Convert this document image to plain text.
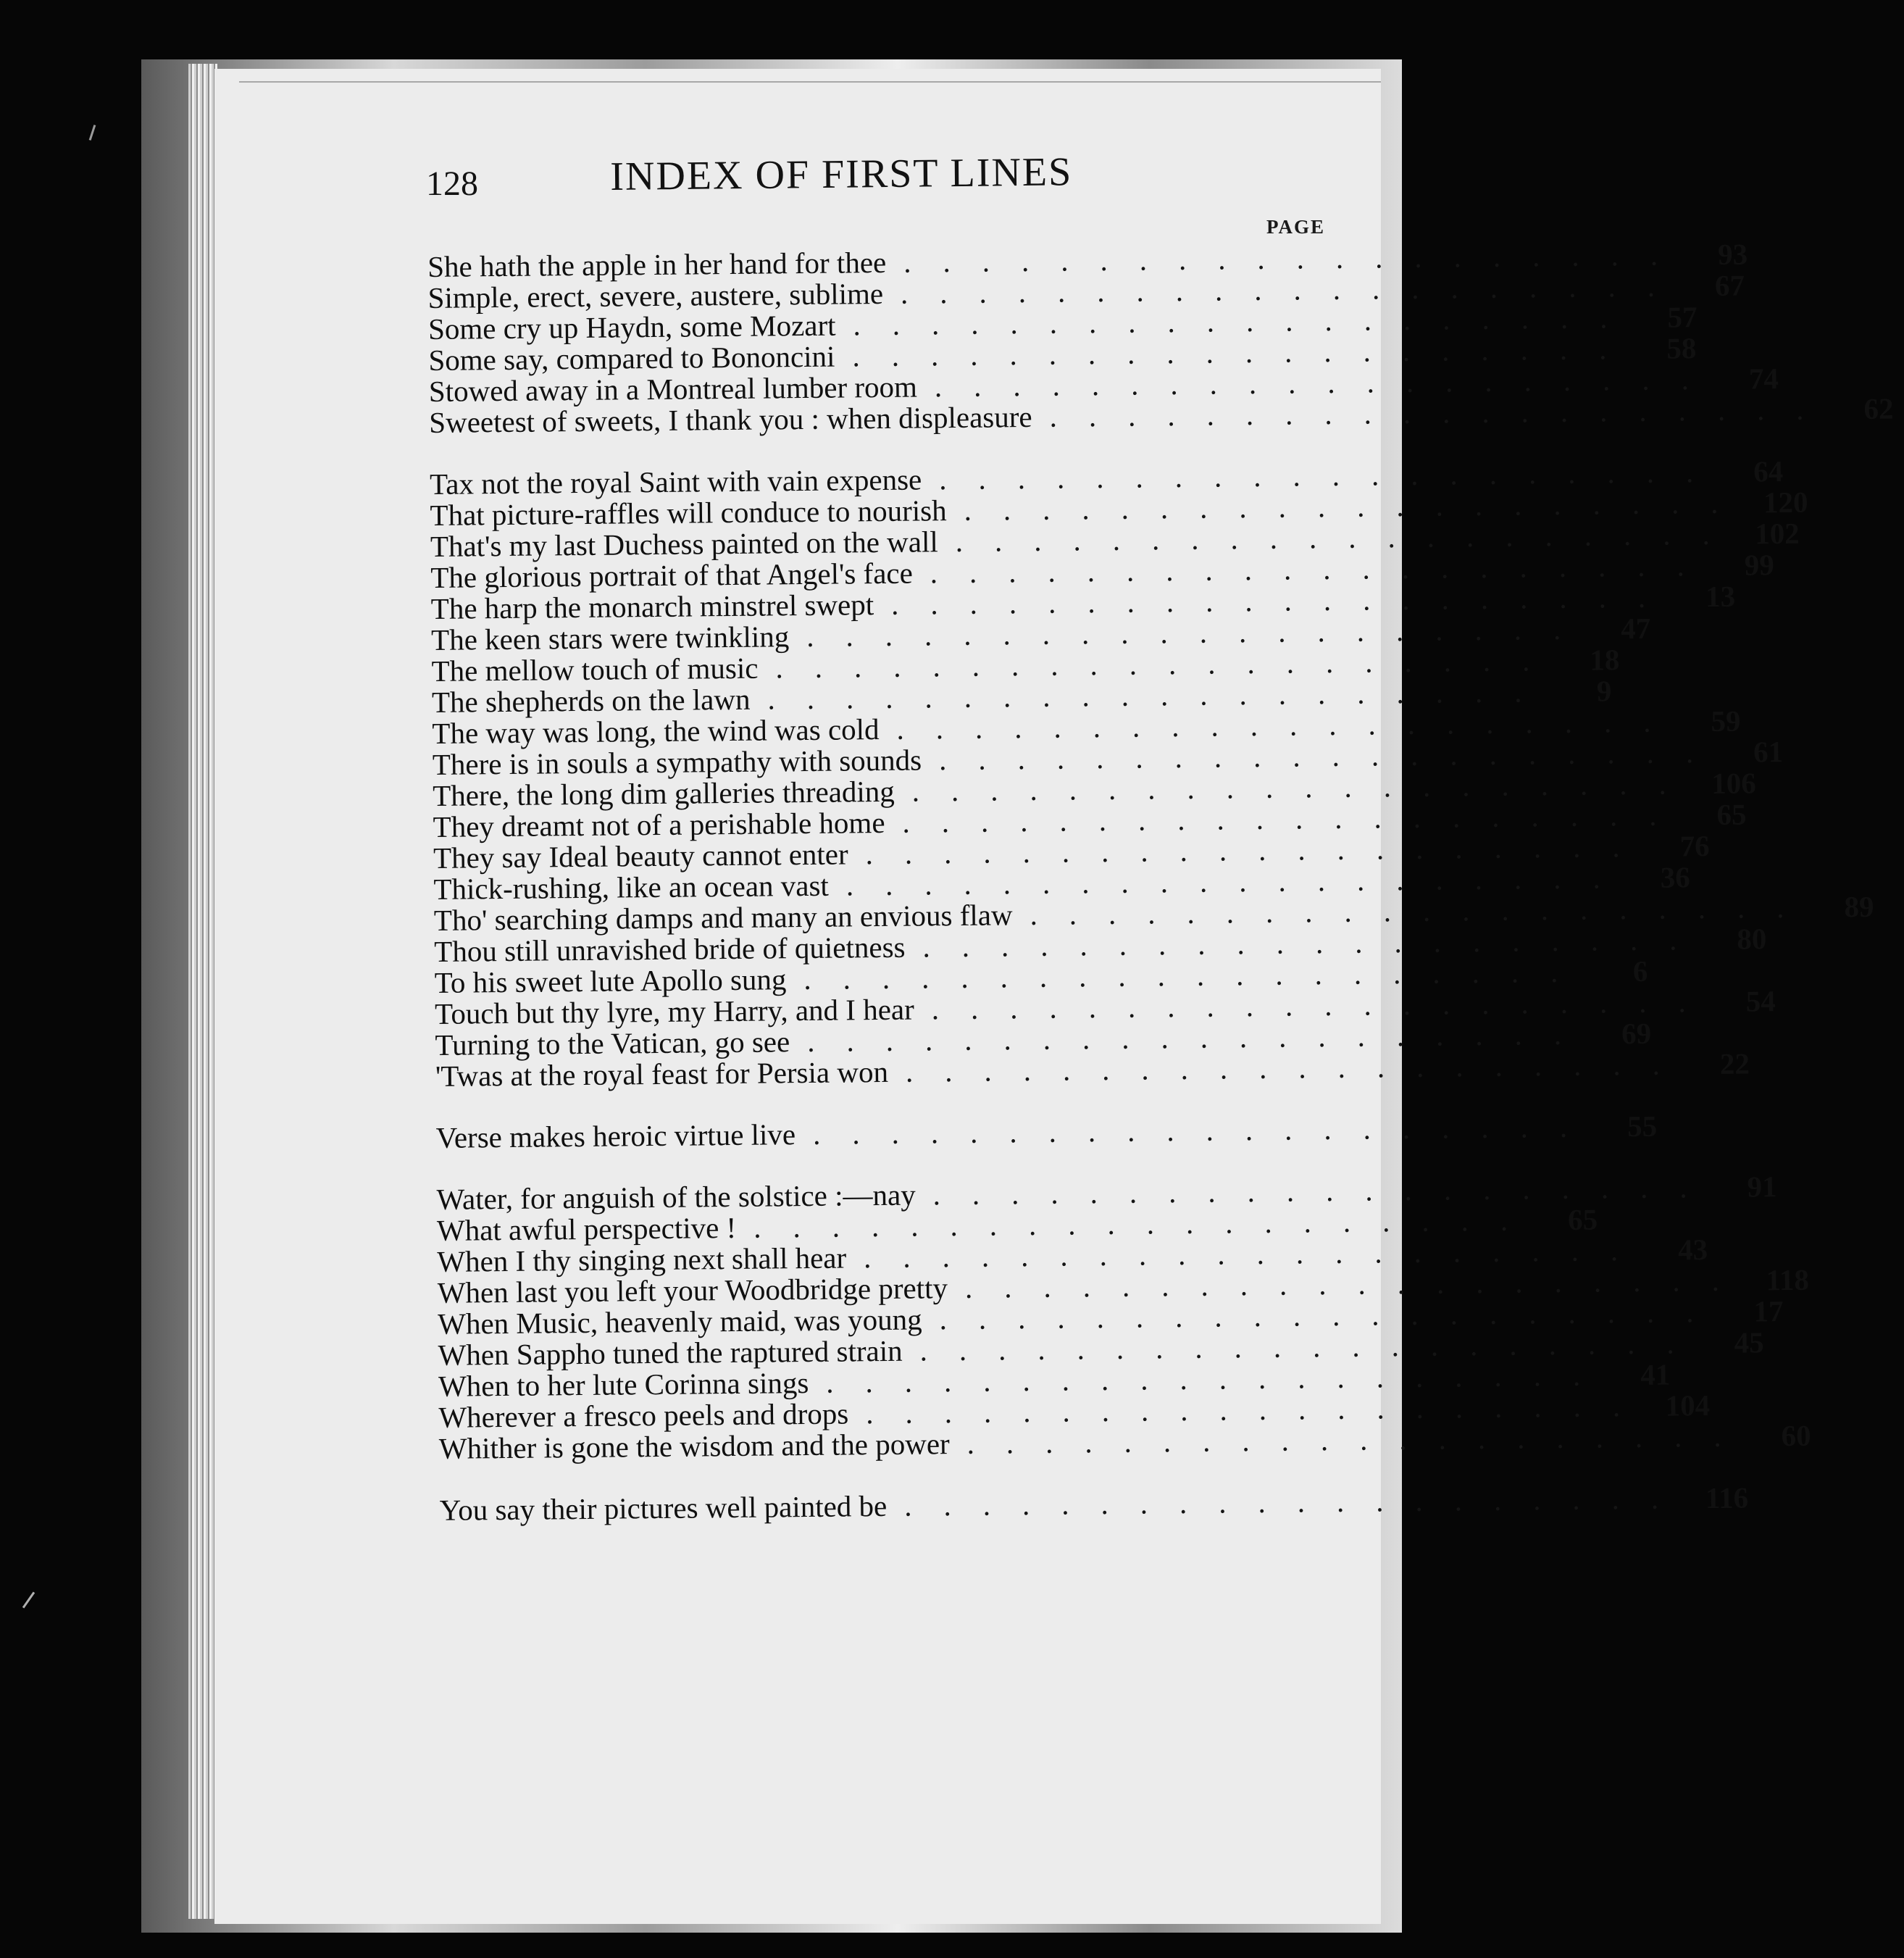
128	INDEX OF FIRST LINES
PAGE
She hath the apple in her hand for thee .................... 93
Simple, erect, severe, austere, sublime .................... 67
Some cry up Haydn, some Mozart .................... 57
Some say, compared to Bononcini .................... 58
Stowed away in a Montreal lumber room .................... 74
Sweetest of sweets, I thank you : when displeasure .................... 62
Tax not the royal Saint with vain expense .................... 64
That picture-raffles will conduce to nourish .................... 120
That's my last Duchess painted on the wall .................... 102
The glorious portrait of that Angel's face .................... 99
The harp the monarch minstrel swept .................... 13
The keen stars were twinkling .................... 47
The mellow touch of music .................... 18
The shepherds on the lawn ....................	9
The way was long, the wind was cold .................... 59
There is in souls a sympathy with sounds .................... 61
There, the long dim galleries threading .................... 106
They dreamt not of a perishable home .................... 65
They say Ideal beauty cannot enter .................... 76
Thick-rushing, like an ocean vast .................... 36
Tho' searching damps and many an envious flaw .................... 89
Thou still unravished bride of quietness .................... 80
To his sweet lute Apollo sung ....................	6
Touch but thy lyre, my Harry, and I hear .................... 54
Turning to the Vatican, go see .................... 69
'Twas at the royal feast for Persia won .................... 22
Verse makes heroic virtue live .................... 55
Water, for anguish of the solstice :—nay .................... 91
What awful perspective ! .................... 65
When I thy singing next shall hear .................... 43
When last you left your Woodbridge pretty .................... 118
When Music, heavenly maid, was young .................... 17
When Sappho tuned the raptured strain .................... 45
When to her lute Corinna sings .................... 41
Wherever a fresco peels and drops .................... 104
Whither is gone the wisdom and the power .................... 60
You say their pictures well painted be .................... 116
